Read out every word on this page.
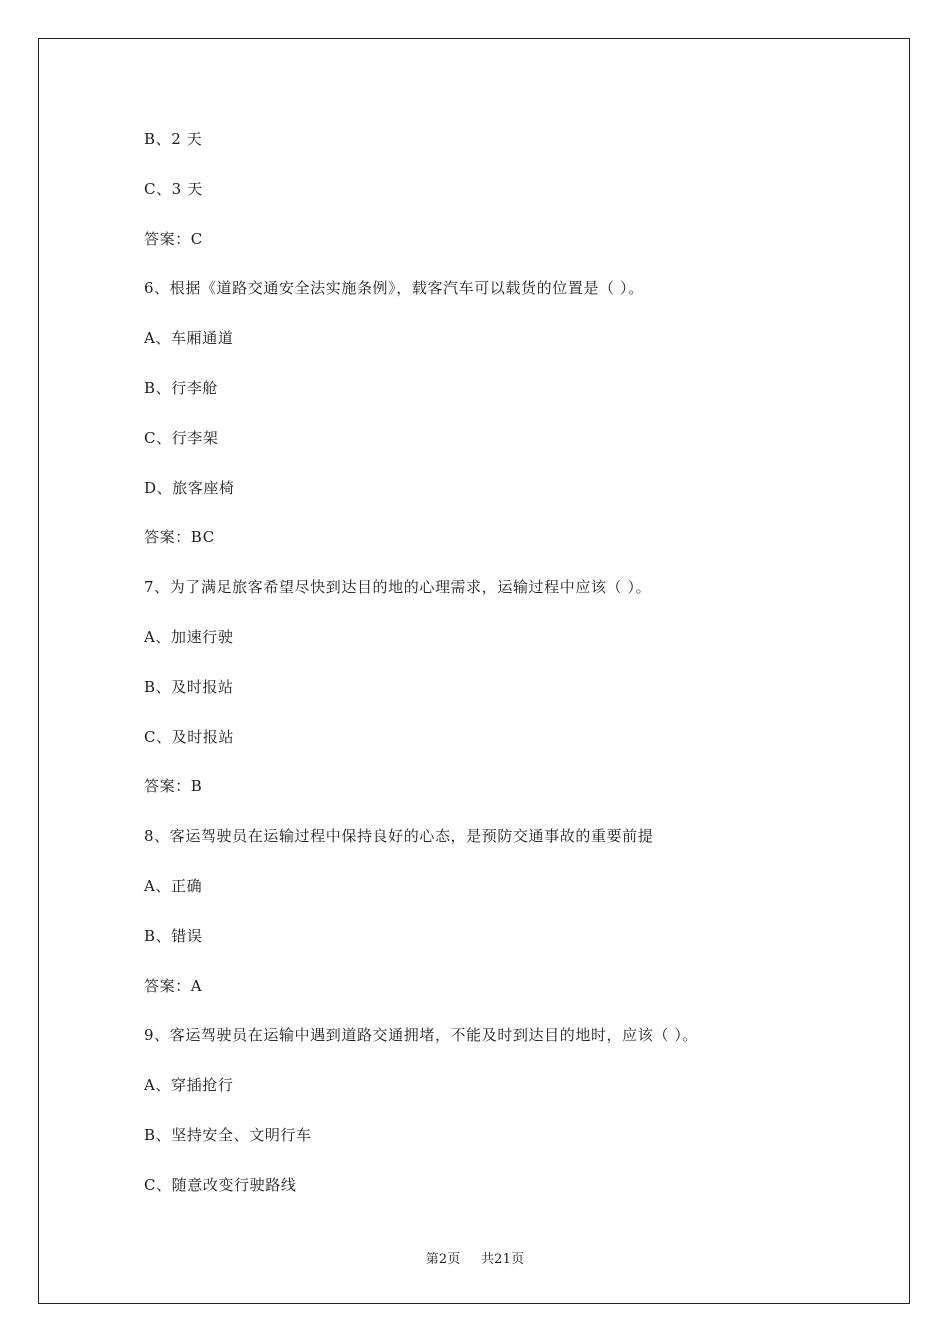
B、2 天
C、3 天
答案：C
6、根据《道路交通安全法实施条例》，载客汽车可以载货的位置是（ ）。
A、车厢通道
B、行李舱
C、行李架
D、旅客座椅
答案：BC
7、为了满足旅客希望尽快到达目的地的心理需求，运输过程中应该（ ）。
A、加速行驶
B、及时报站
C、及时报站
答案：B
8、客运驾驶员在运输过程中保持良好的心态，是预防交通事故的重要前提
A、正确
B、错误
答案：A
9、客运驾驶员在运输中遇到道路交通拥堵，不能及时到达目的地时，应该（ ）。
A、穿插抢行
B、坚持安全、文明行车
C、随意改变行驶路线
第2页 共21页
